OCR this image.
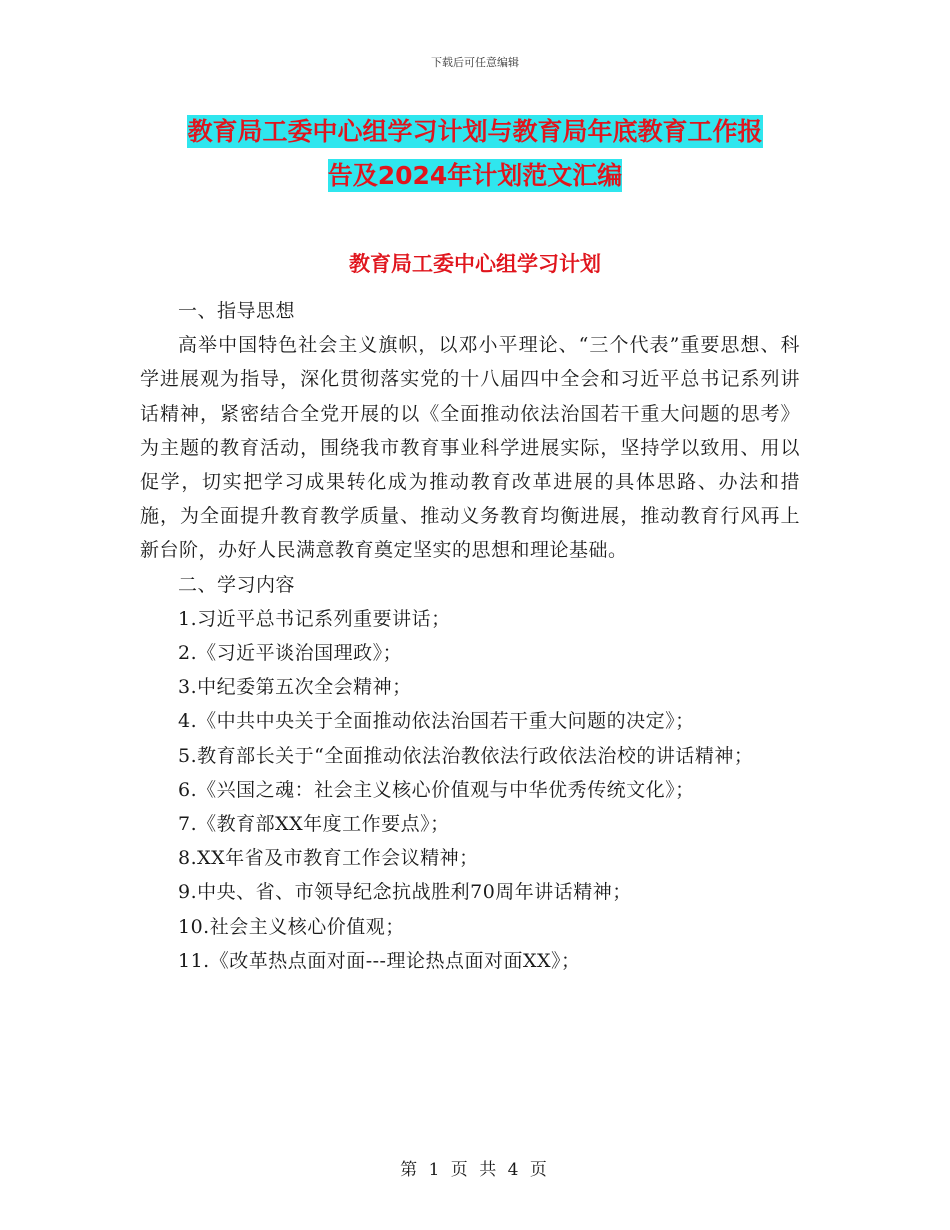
下载后可任意编辑
教育局工委中心组学习计划与教育局年底教育工作报
告及2024年计划范文汇编
教育局工委中心组学习计划

一、指导思想

高举中国特色社会主义旗帜，以邓小平理论、“三个代表”重要思想、科学进展观为指导，深化贯彻落实党的十八届四中全会和习近平总书记系列讲话精神，紧密结合全党开展的以《全面推动依法治国若干重大问题的思考》为主题的教育活动，围绕我市教育事业科学进展实际，坚持学以致用、用以促学，切实把学习成果转化成为推动教育改革进展的具体思路、办法和措施，为全面提升教育教学质量、推动义务教育均衡进展，推动教育行风再上新台阶，办好人民满意教育奠定坚实的思想和理论基础。

二、学习内容

1.习近平总书记系列重要讲话；

2.《习近平谈治国理政》；

3.中纪委第五次全会精神；

4.《中共中央关于全面推动依法治国若干重大问题的决定》；

5.教育部长关于“全面推动依法治教依法行政依法治校的讲话精神；

6.《兴国之魂：社会主义核心价值观与中华优秀传统文化》；

7.《教育部XX年度工作要点》；

8.XX年省及市教育工作会议精神；

9.中央、省、市领导纪念抗战胜利70周年讲话精神；

10.社会主义核心价值观；

11.《改革热点面对面---理论热点面对面XX》；

第 1 页 共 4 页
